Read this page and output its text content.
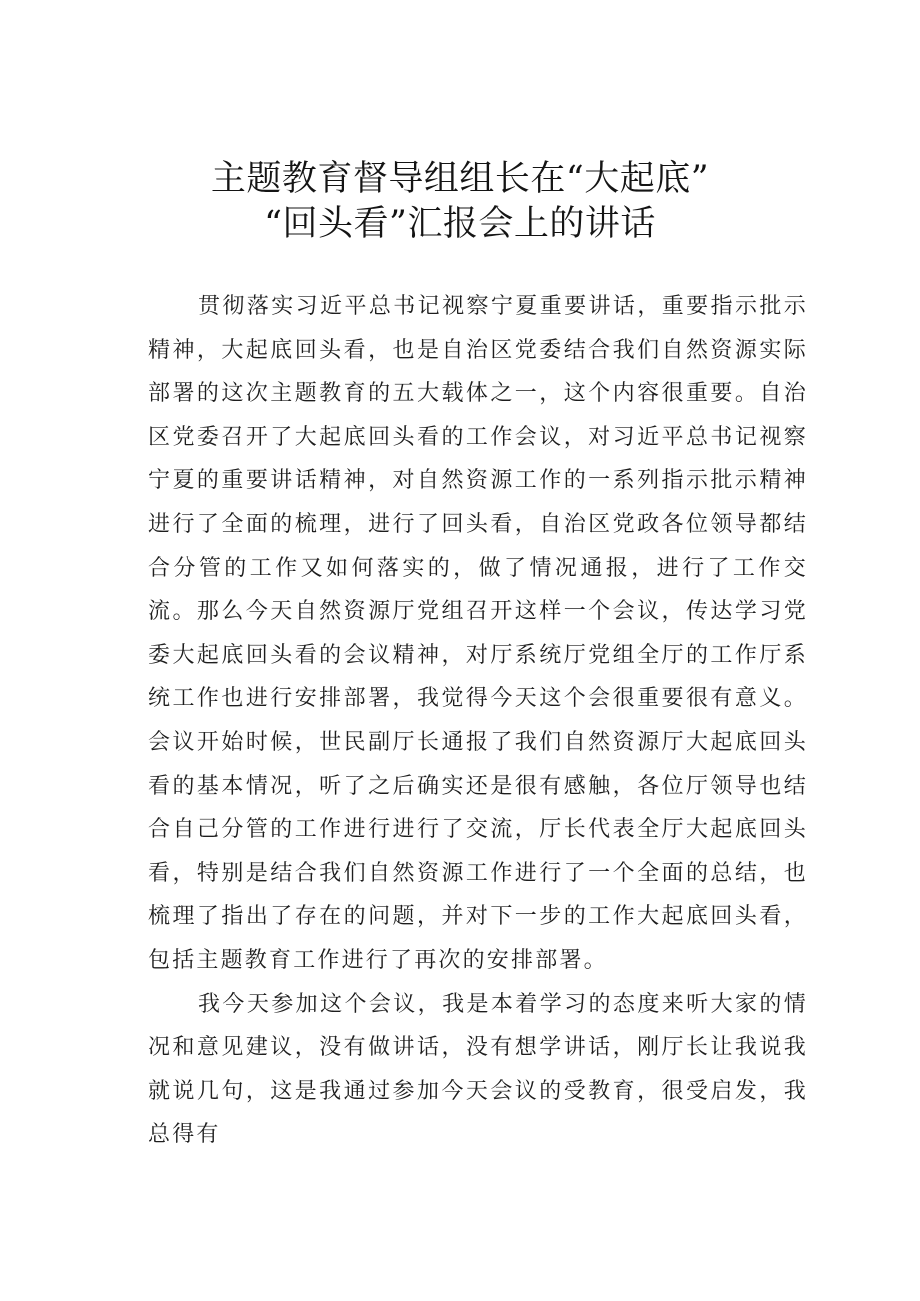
主题教育督导组组长在“大起底”
“回头看”汇报会上的讲话

贯彻落实习近平总书记视察宁夏重要讲话，重要指示批示精神，大起底回头看，也是自治区党委结合我们自然资源实际部署的这次主题教育的五大载体之一，这个内容很重要。自治区党委召开了大起底回头看的工作会议，对习近平总书记视察宁夏的重要讲话精神，对自然资源工作的一系列指示批示精神进行了全面的梳理，进行了回头看，自治区党政各位领导都结合分管的工作又如何落实的，做了情况通报，进行了工作交流。那么今天自然资源厅党组召开这样一个会议，传达学习党委大起底回头看的会议精神，对厅系统厅党组全厅的工作厅系统工作也进行安排部署，我觉得今天这个会很重要很有意义。会议开始时候，世民副厅长通报了我们自然资源厅大起底回头看的基本情况，听了之后确实还是很有感触，各位厅领导也结合自己分管的工作进行进行了交流，厅长代表全厅大起底回头看，特别是结合我们自然资源工作进行了一个全面的总结，也梳理了指出了存在的问题，并对下一步的工作大起底回头看，包括主题教育工作进行了再次的安排部署。

我今天参加这个会议，我是本着学习的态度来听大家的情况和意见建议，没有做讲话，没有想学讲话，刚厅长让我说我就说几句，这是我通过参加今天会议的受教育，很受启发，我总得有
